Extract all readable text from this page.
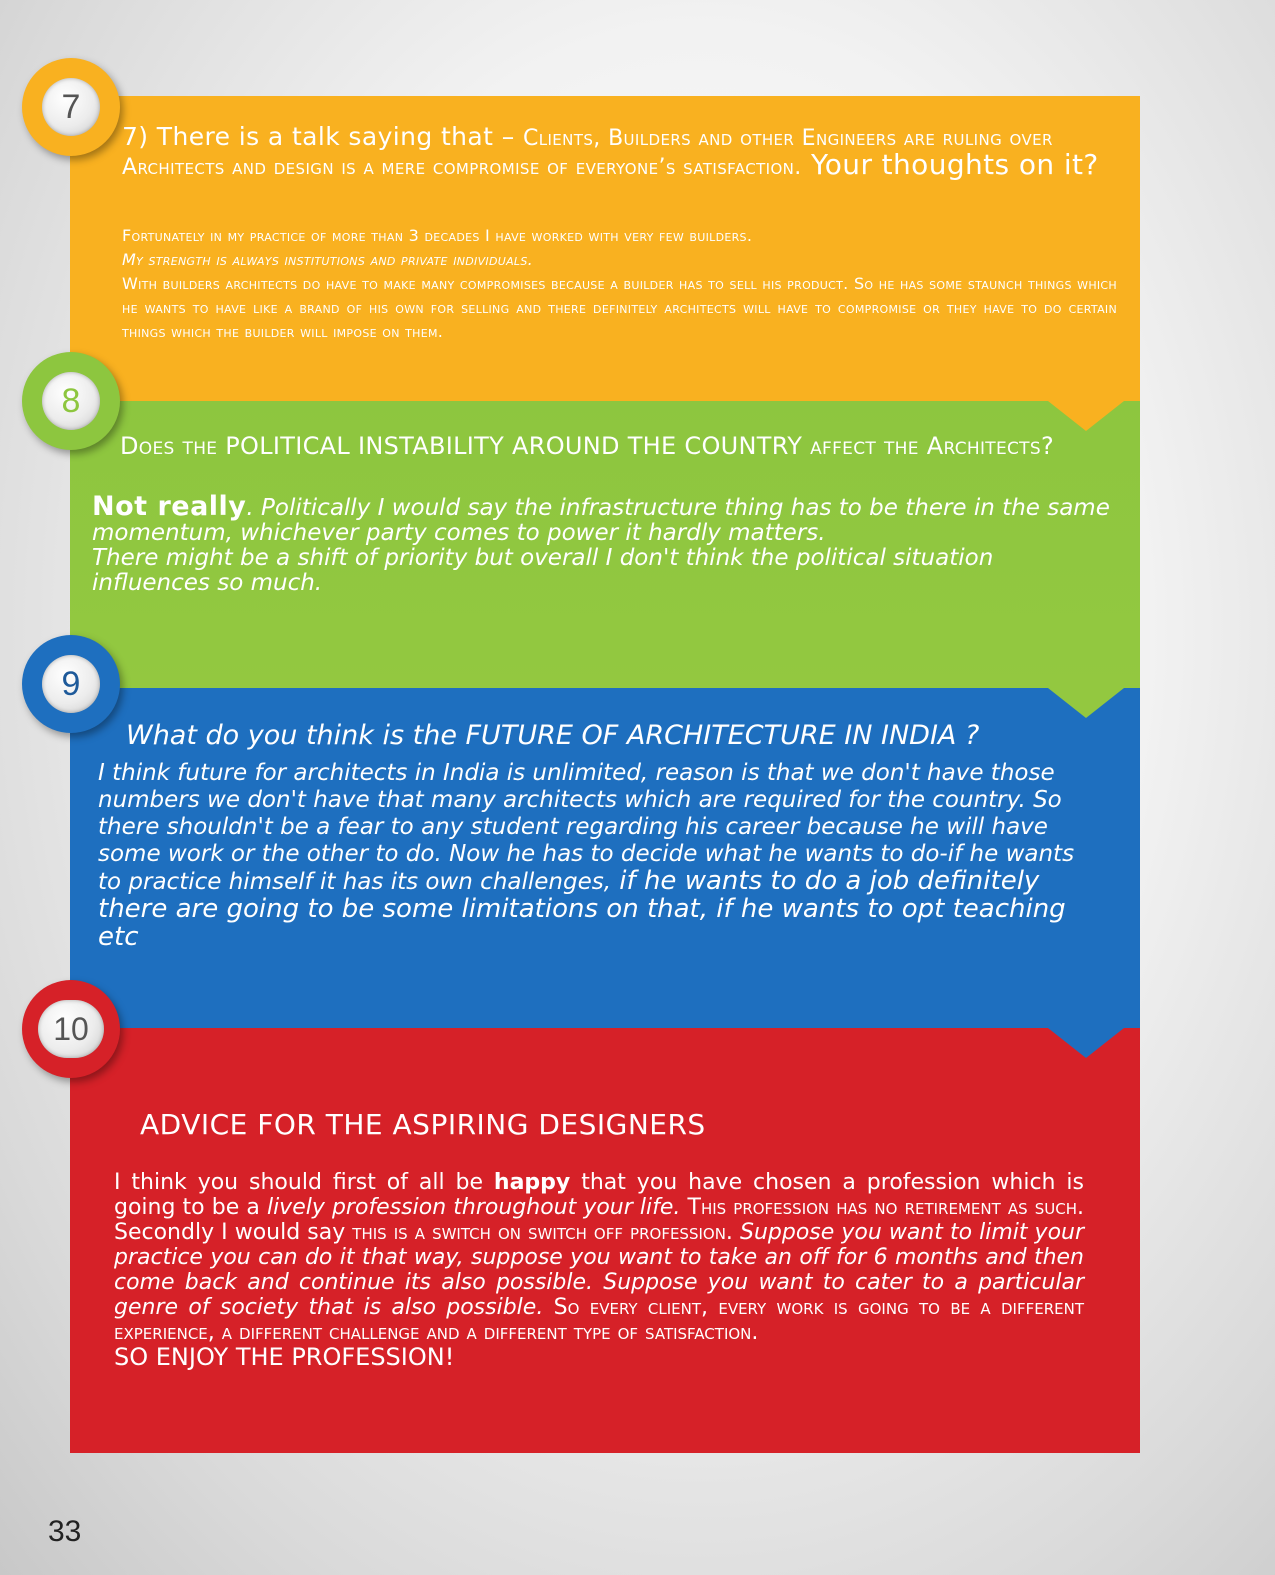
7) There is a talk saying that – Clients, Builders and other Engineers are ruling over Architects and design is a mere compromise of everyone’s satisfaction. Your thoughts on it?

Fortunately in my practice of more than 3 decades I have worked with very few builders.

My strength is always institutions and private individuals.

With builders architects do have to make many compromises because a builder has to sell his product. So he has some staunch things which he wants to have like a brand of his own for selling and there definitely architects will have to compromise or they have to do certain things which the builder will impose on them.

Does the POLITICAL INSTABILITY AROUND THE COUNTRY affect the Architects?
Not really. Politically I would say the infrastructure thing has to be there in the same momentum, whichever party comes to power it hardly matters.
There might be a shift of priority but overall I don't think the political situation influences so much.
What do you think is the FUTURE OF ARCHITECTURE IN INDIA ?
I think future for architects in India is unlimited, reason is that we don't have those numbers we don't have that many architects which are required for the country. So there shouldn't be a fear to any student regarding his career because he will have some work or the other to do. Now he has to decide what he wants to do-if he wants to practice himself it has its own challenges, if he wants to do a job definitely there are going to be some limitations on that, if he wants to opt teaching etc
ADVICE FOR THE ASPIRING DESIGNERS
I think you should first of all be happy that you have chosen a profession which is going to be a lively profession throughout your life. This profession has no retirement as such. Secondly I would say this is a switch on switch off profession. Suppose you want to limit your practice you can do it that way, suppose you want to take an off for 6 months and then come back and continue its also possible. Suppose you want to cater to a particular genre of society that is also possible. So every client, every work is going to be a different experience, a different challenge and a different type of satisfaction.
SO ENJOY THE PROFESSION!
7
8
9
10
33
